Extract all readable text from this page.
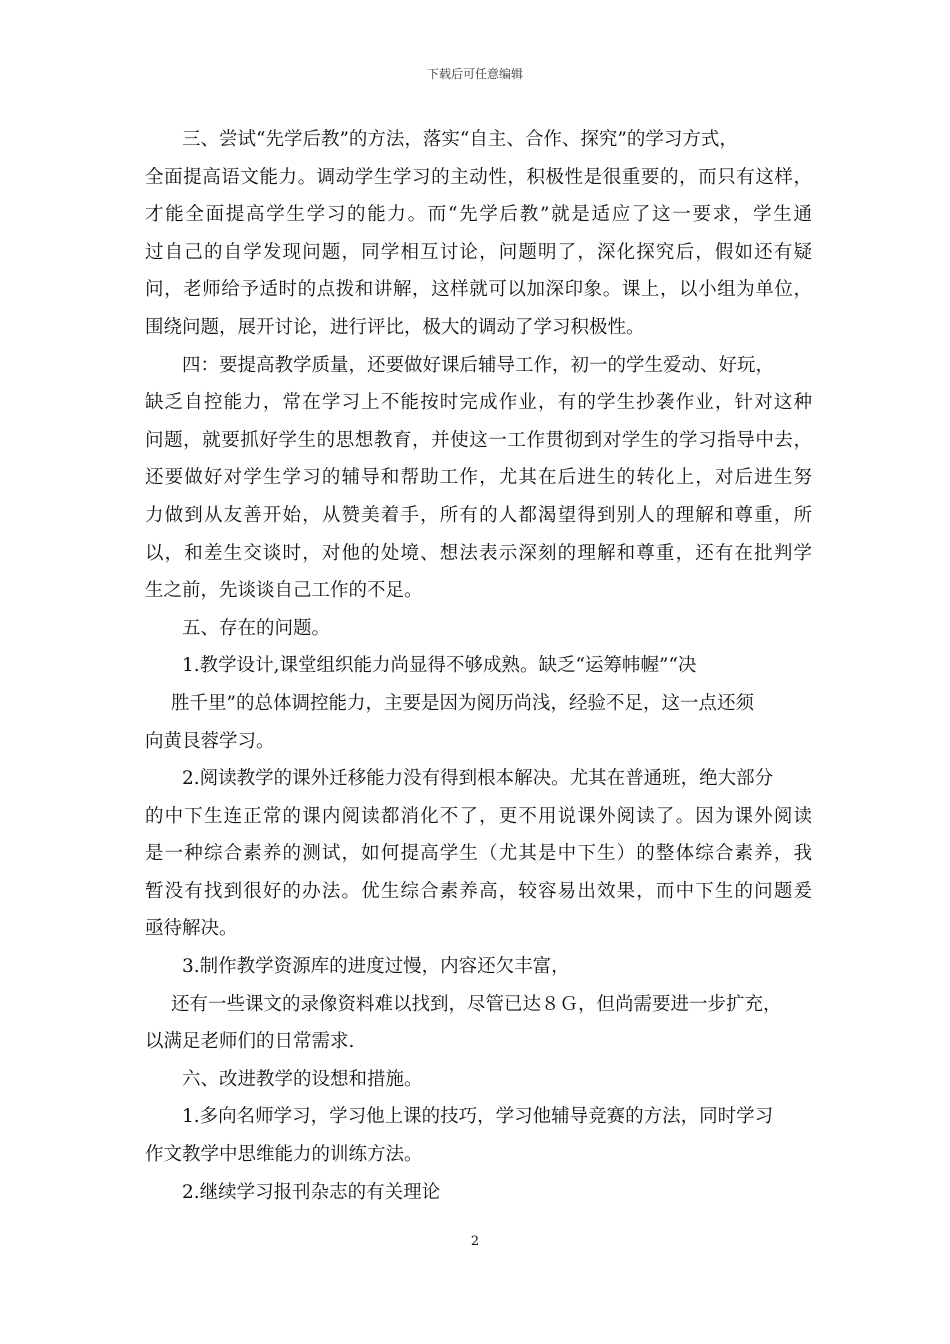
下载后可任意编辑
三、尝试“先学后教”的方法，落实“自主、合作、探究”的学习方式，
全面提高语文能力。调动学生学习的主动性，积极性是很重要的，而只有这样，
才能全面提高学生学习的能力。而“先学后教”就是适应了这一要求，学生通
过自己的自学发现问题，同学相互讨论，问题明了，深化探究后，假如还有疑
问，老师给予适时的点拨和讲解，这样就可以加深印象。课上，以小组为单位，
围绕问题，展开讨论，进行评比，极大的调动了学习积极性。
四：要提高教学质量，还要做好课后辅导工作，初一的学生爱动、好玩，
缺乏自控能力，常在学习上不能按时完成作业，有的学生抄袭作业，针对这种
问题，就要抓好学生的思想教育，并使这一工作贯彻到对学生的学习指导中去，
还要做好对学生学习的辅导和帮助工作，尤其在后进生的转化上，对后进生努
力做到从友善开始，从赞美着手，所有的人都渴望得到别人的理解和尊重，所
以，和差生交谈时，对他的处境、想法表示深刻的理解和尊重，还有在批判学
生之前，先谈谈自己工作的不足。
五、存在的问题。
1.教学设计,课堂组织能力尚显得不够成熟。缺乏“运筹帏幄”“决
胜千里”的总体调控能力，主要是因为阅历尚浅，经验不足，这一点还须
向黄艮蓉学习。
2.阅读教学的课外迁移能力没有得到根本解决。尤其在普通班，绝大部分
的中下生连正常的课内阅读都消化不了，更不用说课外阅读了。因为课外阅读
是一种综合素养的测试，如何提高学生（尤其是中下生）的整体综合素养，我
暂没有找到很好的办法。优生综合素养高，较容易出效果，而中下生的问题爰
亟待解决。
3.制作教学资源库的进度过慢，内容还欠丰富，
还有一些课文的录像资料难以找到，尽管已达８Ｇ，但尚需要进一步扩充，
以满足老师们的日常需求.
六、改进教学的设想和措施。
1.多向名师学习，学习他上课的技巧，学习他辅导竞赛的方法，同时学习
作文教学中思维能力的训练方法。
2.继续学习报刊杂志的有关理论
2
